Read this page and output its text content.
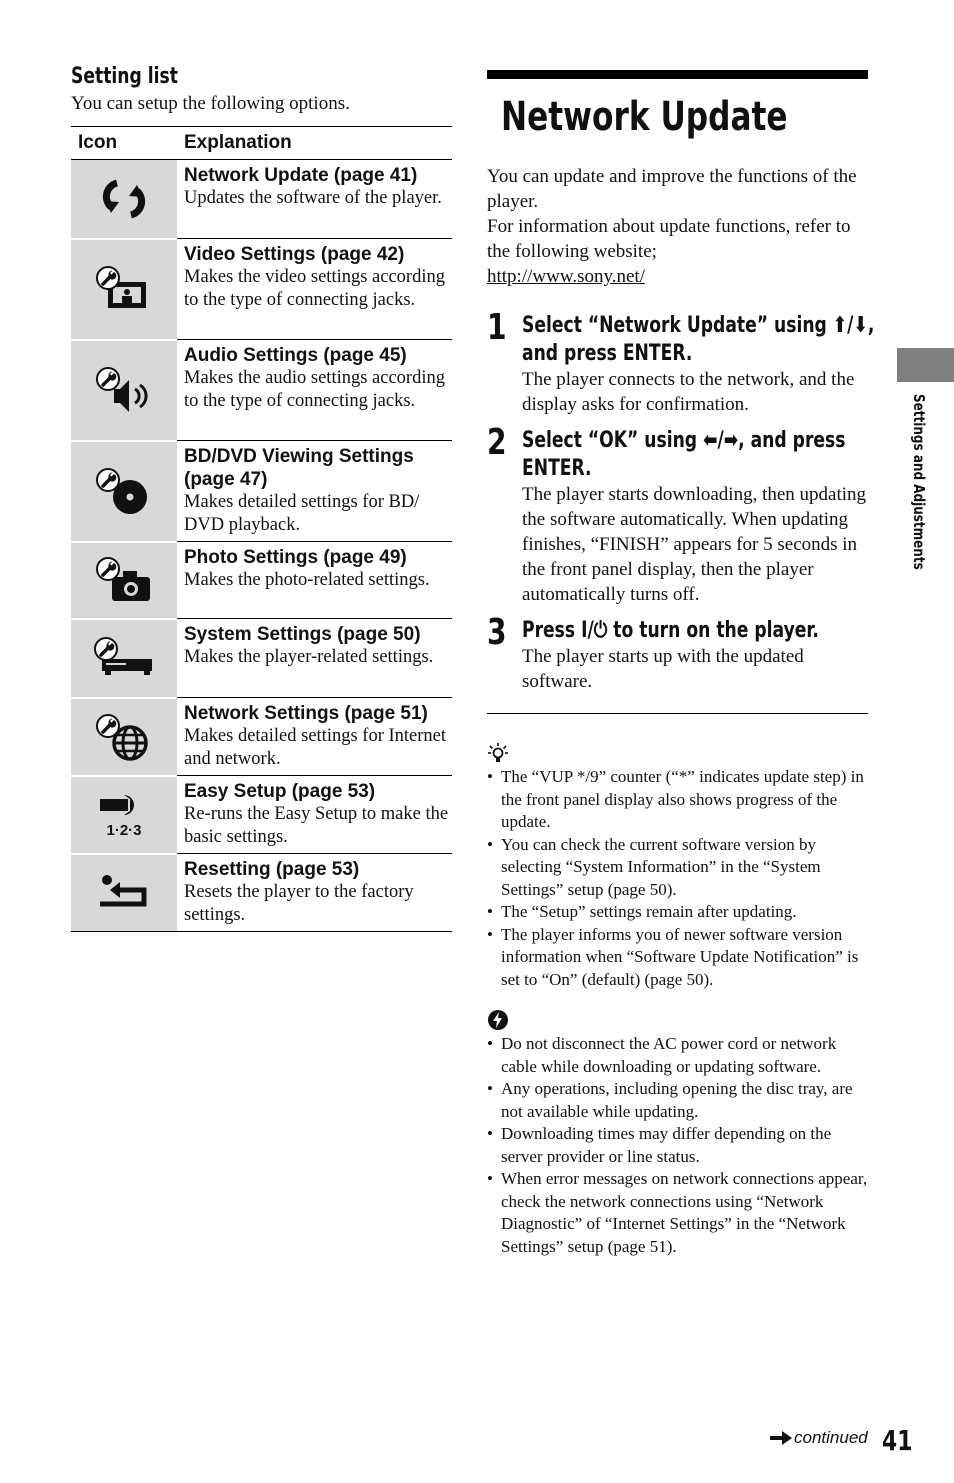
Setting list
You can setup the following options.
Icon	Explanation

Network Update (page 41)
Updates the software of the player.

Video Settings (page 42)
Makes the video settings according to the type of connecting jacks.

Audio Settings (page 45)
Makes the audio settings according to the type of connecting jacks.

BD/DVD Viewing Settings (page 47)
Makes detailed settings for BD/ DVD playback.

Photo Settings (page 49)
Makes the photo-related settings.

System Settings (page 50)
Makes the player-related settings.

Network Settings (page 51)
Makes detailed settings for Internet and network.

1·2·3	Easy Setup (page 53)
Re-runs the Easy Setup to make the basic settings.

Resetting (page 53)
Resets the player to the factory settings.
Network Update
You can update and improve the functions of the player.
For information about update functions, refer to the following website;
http://www.sony.net/
1 Select “Network Update” using ⬆/⬇,
and press ENTER.
The player connects to the network, and the display asks for confirmation.
2 Select “OK” using ⬅/➡, and press
ENTER.
The player starts downloading, then updating the software automatically. When updating finishes, “FINISH” appears for 5 seconds in the front panel display, then the player automatically turns off.
3 Press I/⏻ to turn on the player.
The player starts up with the updated software.
• The “VUP */9” counter (“*” indicates update step) in the front panel display also shows progress of the update.
• You can check the current software version by selecting “System Information” in the “System Settings” setup (page 50).
• The “Setup” settings remain after updating.
• The player informs you of newer software version information when “Software Update Notification” is set to “On” (default) (page 50).
• Do not disconnect the AC power cord or network cable while downloading or updating software.
• Any operations, including opening the disc tray, are not available while updating.
• Downloading times may differ depending on the server provider or line status.
• When error messages on network connections appear, check the network connections using “Network Diagnostic” of “Internet Settings” in the “Network Settings” setup (page 51).
Settings and Adjustments
continued 41
